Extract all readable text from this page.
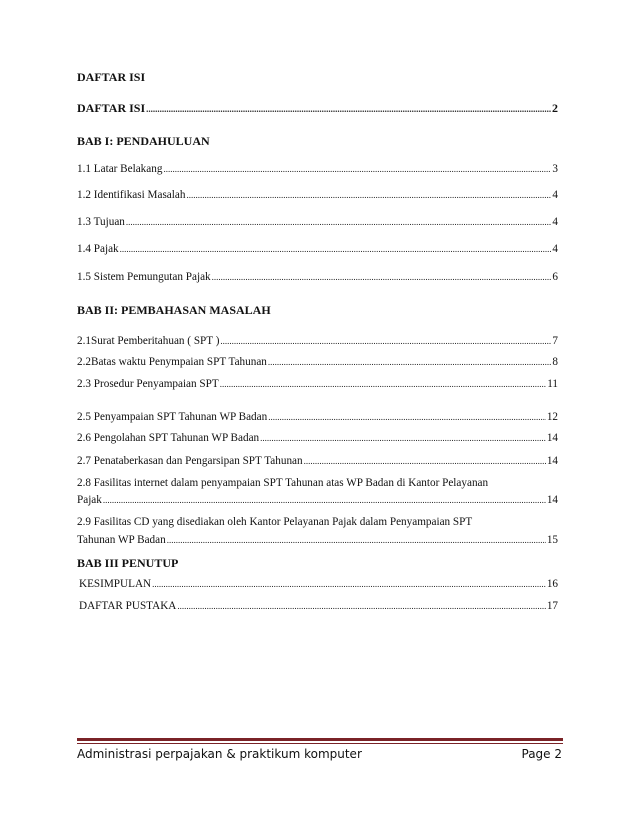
DAFTAR ISI
DAFTAR ISI .....	2
BAB I: PENDAHULUAN
1.1 Latar Belakang .....	3
1.2 Identifikasi Masalah .....	4
1.3 Tujuan .....	4
1.4 Pajak .....	4
1.5 Sistem Pemungutan Pajak .....	6
BAB II: PEMBAHASAN MASALAH
2.1Surat Pemberitahuan ( SPT ) .....	7
2.2Batas waktu Penympaian SPT Tahunan .....	8
2.3 Prosedur Penyampaian SPT .....	11
2.5 Penyampaian SPT Tahunan WP Badan .....	12
2.6 Pengolahan SPT Tahunan WP Badan .....	14
2.7 Penataberkasan dan Pengarsipan SPT Tahunan .....	14
2.8 Fasilitas internet dalam penyampaian SPT Tahunan atas WP Badan di Kantor Pelayanan
Pajak .....	14
2.9 Fasilitas CD yang disediakan oleh Kantor Pelayanan Pajak dalam Penyampaian SPT
Tahunan WP Badan .....	15
BAB III PENUTUP
KESIMPULAN .....	16
DAFTAR PUSTAKA .....	17
Administrasi perpajakan & praktikum komputer	Page 2
